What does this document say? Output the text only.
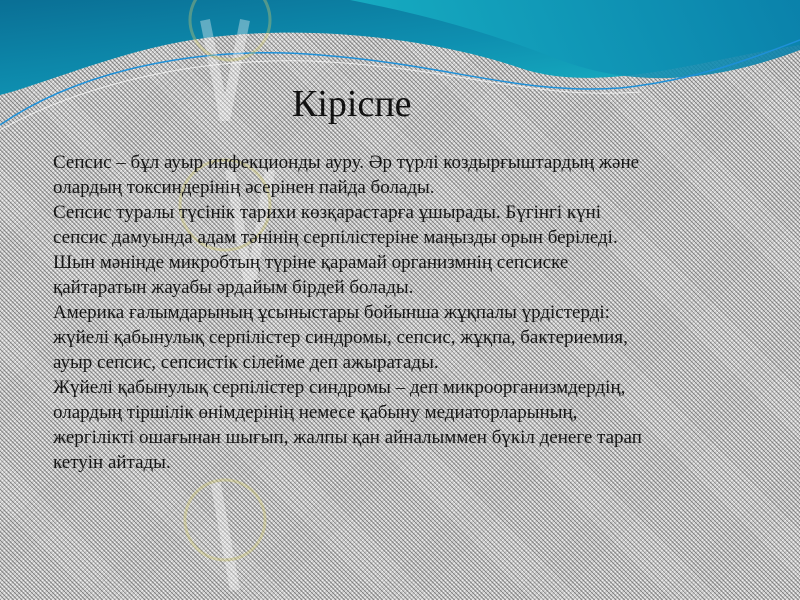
Кіріспе

Сепсис – бұл ауыр инфекционды ауру. Әр түрлі коздырғыштардың және

олардың токсиндерінің әсерінен пайда болады.

Сепсис туралы түсінік тарихи көзқарастарға ұшырады. Бүгінгі күні

сепсис дамуында адам тәнінің серпілістеріне маңызды орын беріледі.

Шын мәнінде микробтың түріне қарамай организмнің сепсиске

қайтаратын жауабы әрдайым бірдей болады.

Америка ғалымдарының ұсыныстары бойынша жұқпалы үрдістерді:

жүйелі қабынулық серпілістер синдромы, сепсис, жұқпа, бактериемия,

ауыр сепсис, сепсистік сілейме деп ажыратады.

Жүйелі қабынулық серпілістер синдромы – деп микроорганизмдердің,

олардың тіршілік өнімдерінің немесе қабыну медиаторларының,

жергілікті ошағынан шығып, жалпы қан айналыммен бүкіл денеге тарап

кетуін айтады.
